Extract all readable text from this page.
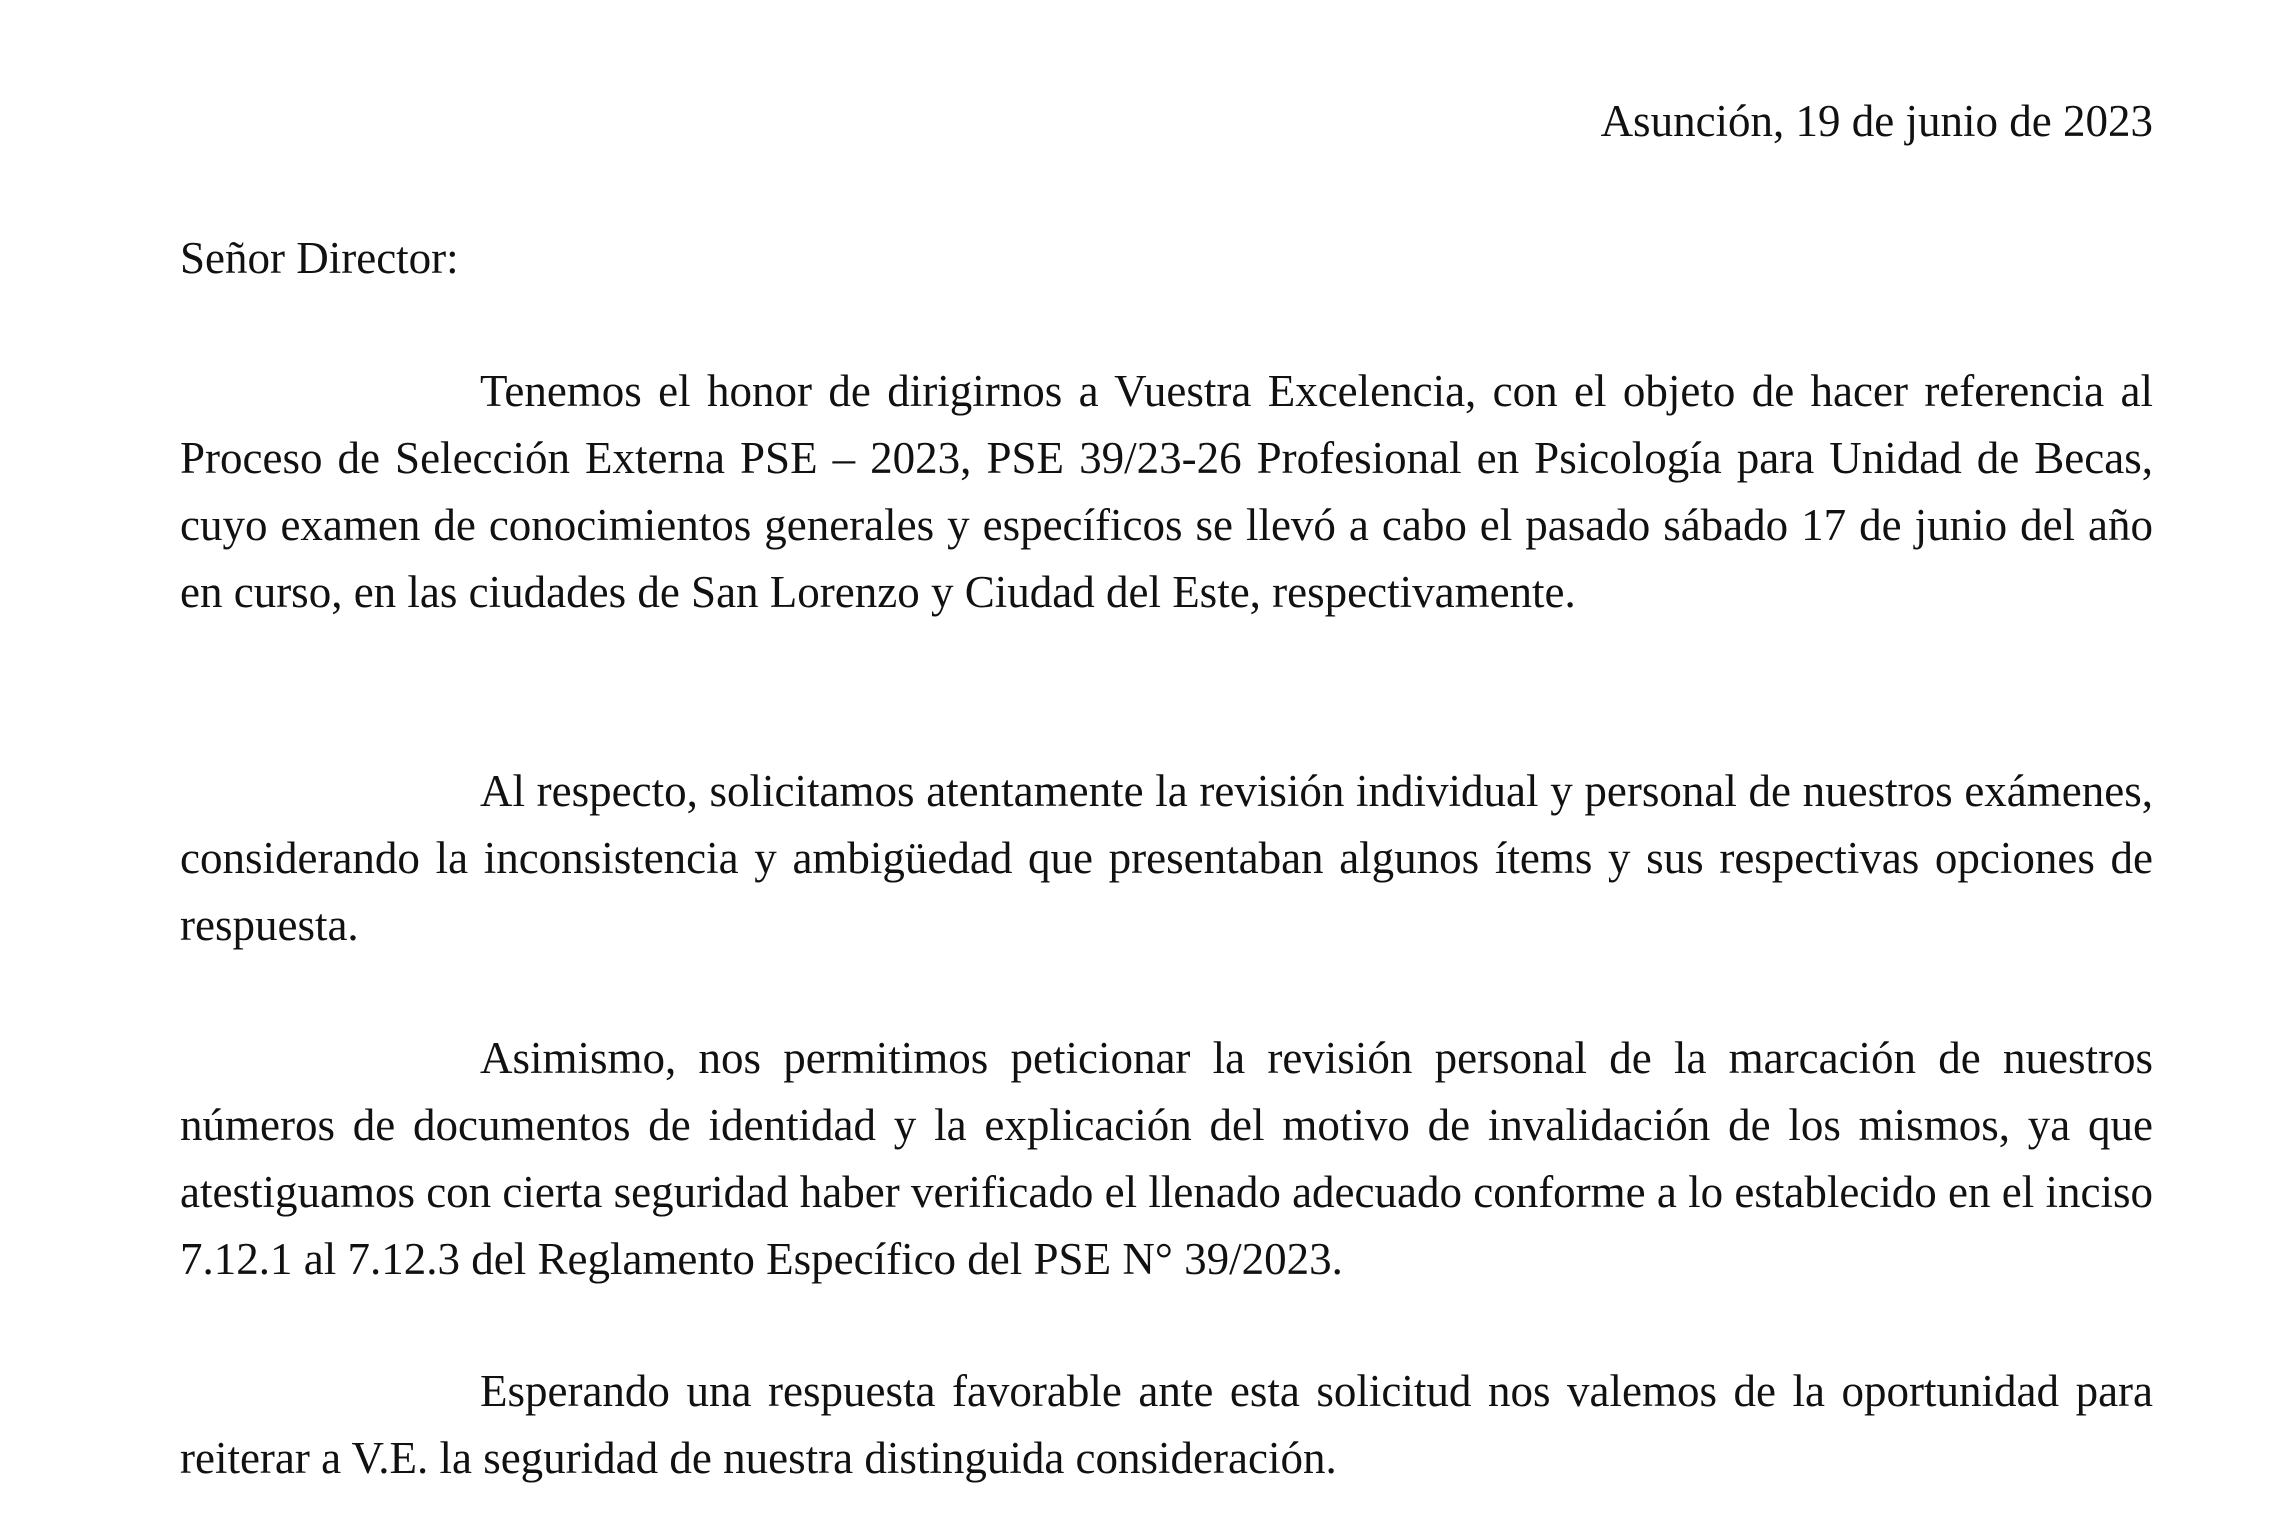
Asunción, 19 de junio de 2023
Señor Director:

Tenemos el honor de dirigirnos a Vuestra Excelencia, con el objeto de hacer referencia al Proceso de Selección Externa PSE – 2023, PSE 39/23-26 Profesional en Psicología para Unidad de Becas, cuyo examen de conocimientos generales y específicos se llevó a cabo el pasado sábado 17 de junio del año en curso, en las ciudades de San Lorenzo y Ciudad del Este, respectivamente.

Al respecto, solicitamos atentamente la revisión individual y personal de nuestros exámenes, considerando la inconsistencia y ambigüedad que presentaban algunos ítems y sus respectivas opciones de respuesta.

Asimismo, nos permitimos peticionar la revisión personal de la marcación de nuestros números de documentos de identidad y la explicación del motivo de invalidación de los mismos, ya que atestiguamos con cierta seguridad haber verificado el llenado adecuado conforme a lo establecido en el inciso 7.12.1 al 7.12.3 del Reglamento Específico del PSE N° 39/2023.

Esperando una respuesta favorable ante esta solicitud nos valemos de la oportunidad para reiterar a V.E. la seguridad de nuestra distinguida consideración.
